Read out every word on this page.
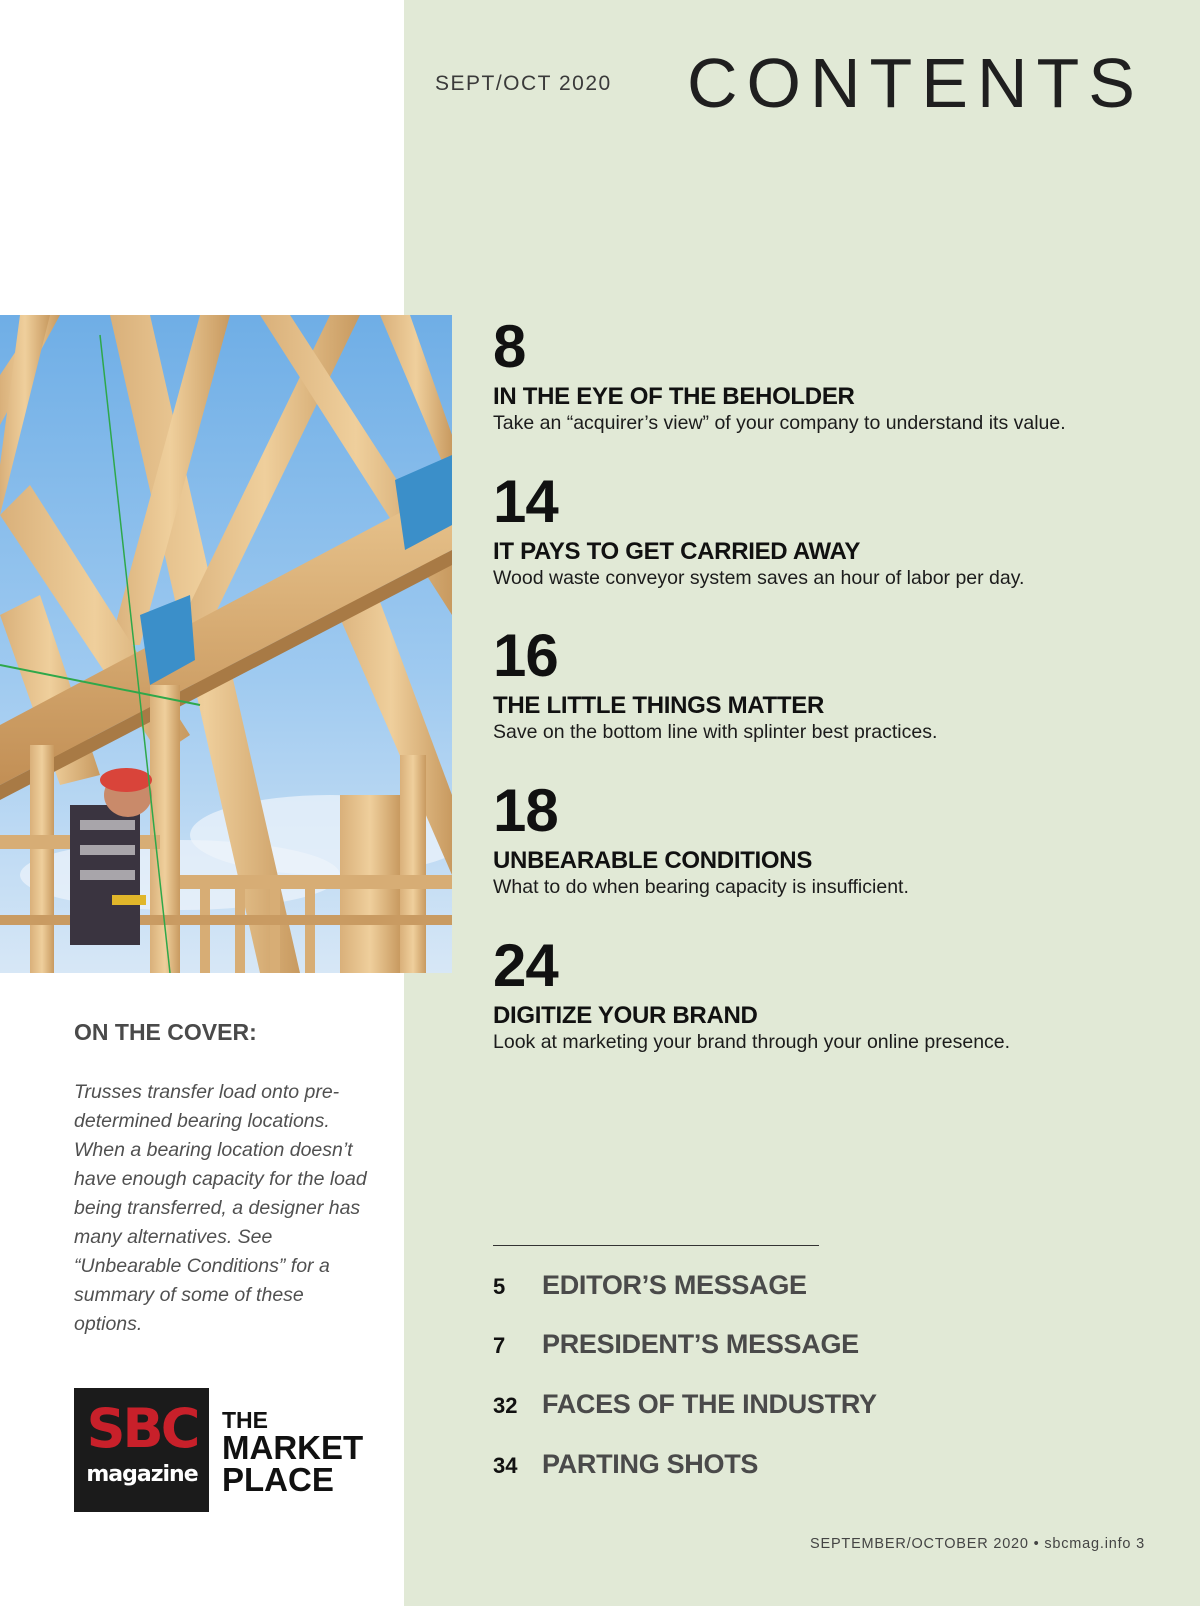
SEPT/OCT 2020 CONTENTS
8
IN THE EYE OF THE BEHOLDER
Take an “acquirer’s view” of your company to understand its value.
14
IT PAYS TO GET CARRIED AWAY
Wood waste conveyor system saves an hour of labor per day.
16
THE LITTLE THINGS MATTER
Save on the bottom line with splinter best practices.
18
UNBEARABLE CONDITIONS
What to do when bearing capacity is insufficient.
24
DIGITIZE YOUR BRAND
Look at marketing your brand through your online presence.
ON THE COVER:
Trusses transfer load onto pre-determined bearing locations. When a bearing location doesn’t have enough capacity for the load being transferred, a designer has many alternatives. See “Unbearable Conditions” for a summary of some of these options.
SBC
magazine
THE
MARKET
PLACE
5 EDITOR’S MESSAGE
7 PRESIDENT’S MESSAGE
32 FACES OF THE INDUSTRY
34 PARTING SHOTS
SEPTEMBER/OCTOBER 2020 • sbcmag.info 3
